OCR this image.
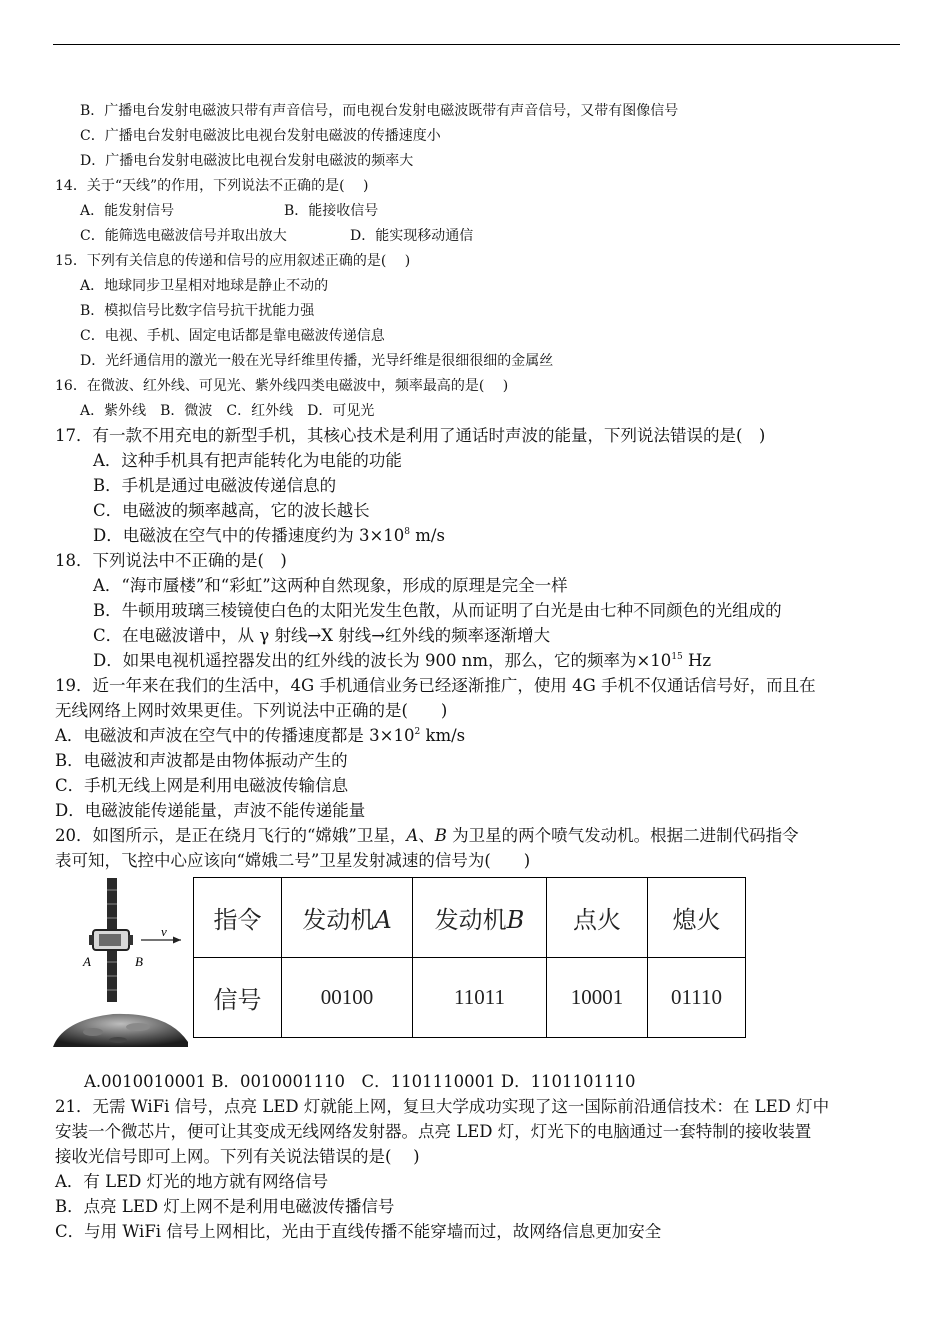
B．广播电台发射电磁波只带有声音信号，而电视台发射电磁波既带有声音信号，又带有图像信号
C．广播电台发射电磁波比电视台发射电磁波的传播速度小
D．广播电台发射电磁波比电视台发射电磁波的频率大
14．关于“天线”的作用，下列说法不正确的是(　 )
A．能发射信号	B．能接收信号
C．能筛选电磁波信号并取出放大	D．能实现移动通信
15．下列有关信息的传递和信号的应用叙述正确的是(　 )
A．地球同步卫星相对地球是静止不动的
B．模拟信号比数字信号抗干扰能力强
C．电视、手机、固定电话都是靠电磁波传递信息
D．光纤通信用的激光一般在光导纤维里传播，光导纤维是很细很细的金属丝
16．在微波、红外线、可见光、紫外线四类电磁波中，频率最高的是(　 )
A．紫外线　B．微波　C．红外线　D．可见光
17．有一款不用充电的新型手机，其核心技术是利用了通话时声波的能量，下列说法错误的是(　)
A．这种手机具有把声能转化为电能的功能
B．手机是通过电磁波传递信息的
C．电磁波的频率越高，它的波长越长
D．电磁波在空气中的传播速度约为 $3\times 10^8$ m/s
18．下列说法中不正确的是(　)
A．“海市蜃楼”和“彩虹”这两种自然现象，形成的原理是完全一样
B．牛顿用玻璃三棱镜使白色的太阳光发生色散，从而证明了白光是由七种不同颜色的光组成的
C．在电磁波谱中，从 γ 射线→X 射线→红外线的频率逐渐增大
D．如果电视机遥控器发出的红外线的波长为 900 nm，那么，它的频率为$\times 10^{15}$ Hz
19．近一年来在我们的生活中，4G 手机通信业务已经逐渐推广，使用 4G 手机不仅通话信号好，而且在
无线网络上网时效果更佳。下列说法中正确的是(　　)
A．电磁波和声波在空气中的传播速度都是 $3\times 10^2$ km/s
B．电磁波和声波都是由物体振动产生的
C．手机无线上网是利用电磁波传输信息
D．电磁波能传递能量，声波不能传递能量
20．如图所示，是正在绕月飞行的“嫦娥”卫星，A、B 为卫星的两个喷气发动机。根据二进制代码指令
表可知，飞控中心应该向“嫦娥二号”卫星发射减速的信号为(　　)
v
A	B
指令	发动机A	发动机B	点火	熄火
信号	00100	11011	10001	01110
A.0010010001 B．0010001110　C．1101110001 D．1101101110
21．无需 WiFi 信号，点亮 LED 灯就能上网，复旦大学成功实现了这一国际前沿通信技术：在 LED 灯中
安装一个微芯片，便可让其变成无线网络发射器。点亮 LED 灯，灯光下的电脑通过一套特制的接收装置
接收光信号即可上网。下列有关说法错误的是(　 )
A．有 LED 灯光的地方就有网络信号
B．点亮 LED 灯上网不是利用电磁波传播信号
C．与用 WiFi 信号上网相比，光由于直线传播不能穿墙而过，故网络信息更加安全
